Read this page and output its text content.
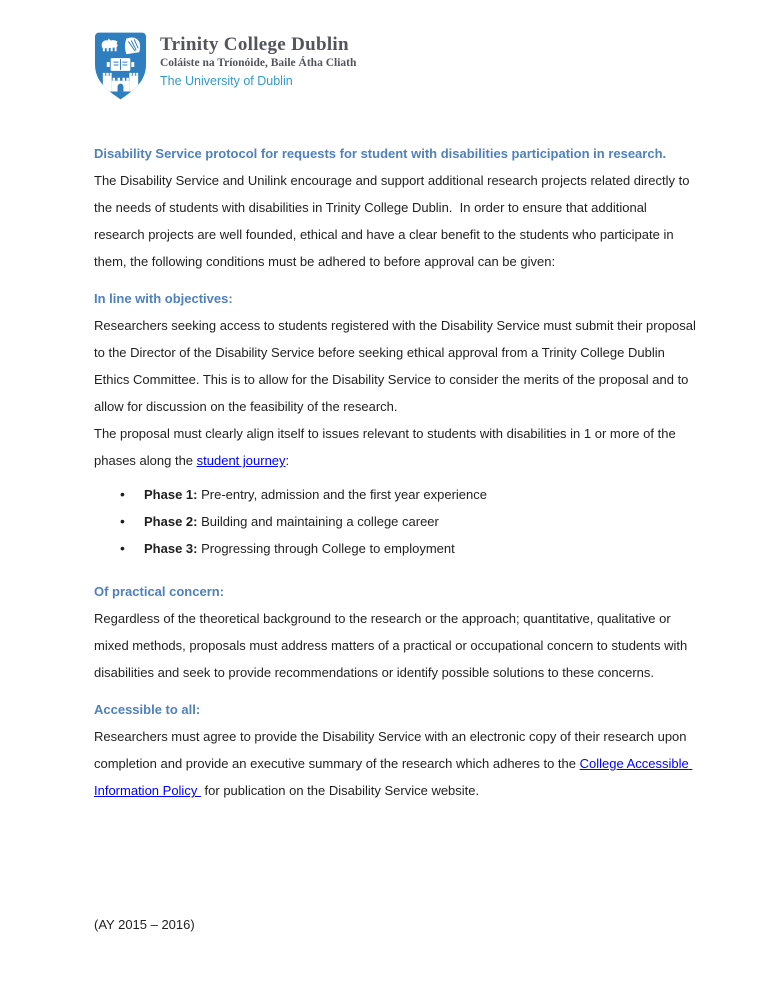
Trinity College Dublin
Coláiste na Tríonóide, Baile Átha Cliath
The University of Dublin
Disability Service protocol for requests for student with disabilities participation in research.

The Disability Service and Unilink encourage and support additional research projects related directly to the needs of students with disabilities in Trinity College Dublin.  In order to ensure that additional research projects are well founded, ethical and have a clear benefit to the students who participate in them, the following conditions must be adhered to before approval can be given:

In line with objectives:

Researchers seeking access to students registered with the Disability Service must submit their proposal to the Director of the Disability Service before seeking ethical approval from a Trinity College Dublin Ethics Committee. This is to allow for the Disability Service to consider the merits of the proposal and to allow for discussion on the feasibility of the research.

The proposal must clearly align itself to issues relevant to students with disabilities in 1 or more of the phases along the student journey:

• Phase 1: Pre-entry, admission and the first year experience
• Phase 2: Building and maintaining a college career
• Phase 3: Progressing through College to employment
Of practical concern:

Regardless of the theoretical background to the research or the approach; quantitative, qualitative or mixed methods, proposals must address matters of a practical or occupational concern to students with disabilities and seek to provide recommendations or identify possible solutions to these concerns.

Accessible to all:

Researchers must agree to provide the Disability Service with an electronic copy of their research upon completion and provide an executive summary of the research which adheres to the College Accessible Information Policy  for publication on the Disability Service website.

(AY 2015 – 2016)
